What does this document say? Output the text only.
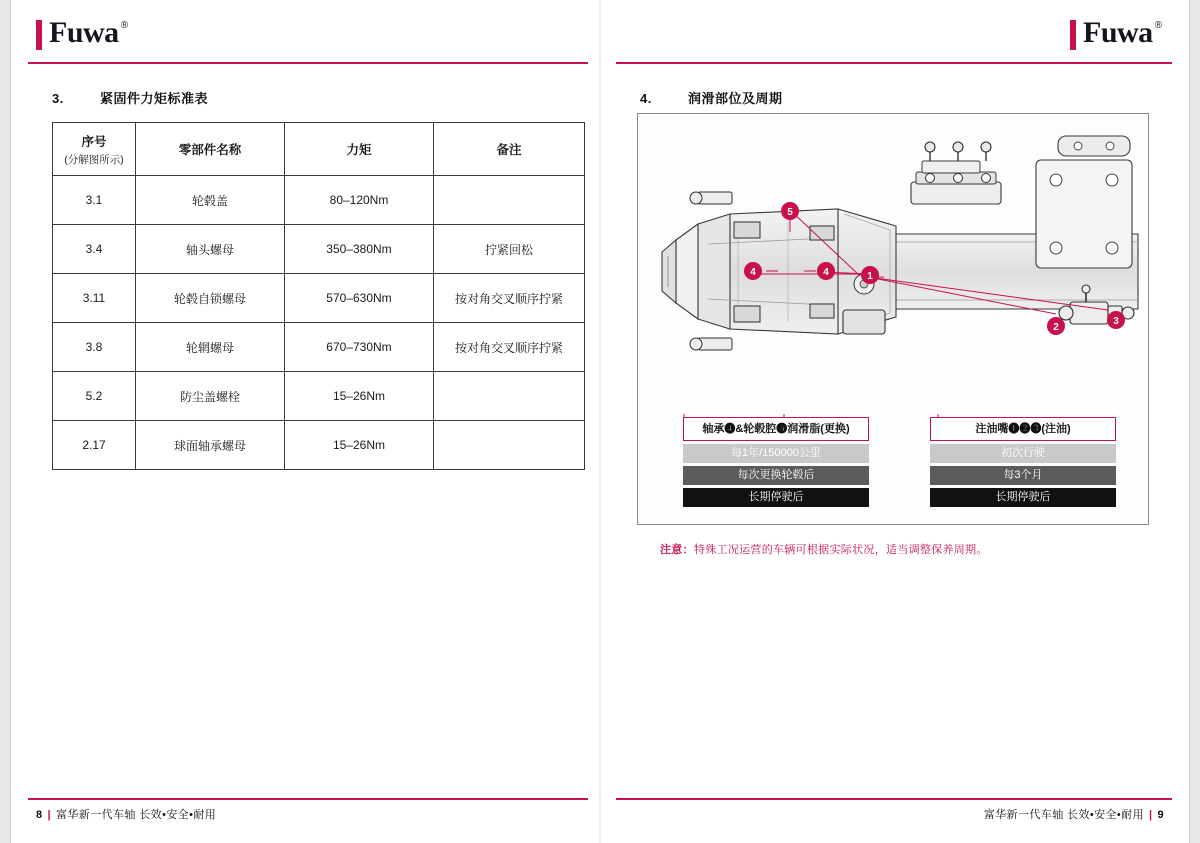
Fuwa ®	Fuwa ®
3.	紧固件力矩标准表
序号
(分解图所示)	零部件名称	力矩	备注
3.1	轮毂盖	80–120Nm	
3.4	轴头螺母	350–380Nm	拧紧回松
3.11	轮毂自锁螺母	570–630Nm	按对角交叉顺序拧紧
3.8	轮辋螺母	670–730Nm	按对角交叉顺序拧紧
5.2	防尘盖螺栓	15–26Nm	
2.17	球面轴承螺母	15–26Nm	
4.	润滑部位及周期
1
2
3
4	4
5
轴承❹&轮毂腔❺润滑脂(更换)
每1年/150000公里
每次更换轮毂后
长期停驶后
注油嘴❶❷❸(注油)
初次行驶
每3个月
长期停驶后
注意：特殊工况运营的车辆可根据实际状况，适当调整保养周期。
8 | 富华新一代车轴 长效•安全•耐用	富华新一代车轴 长效•安全•耐用 | 9
